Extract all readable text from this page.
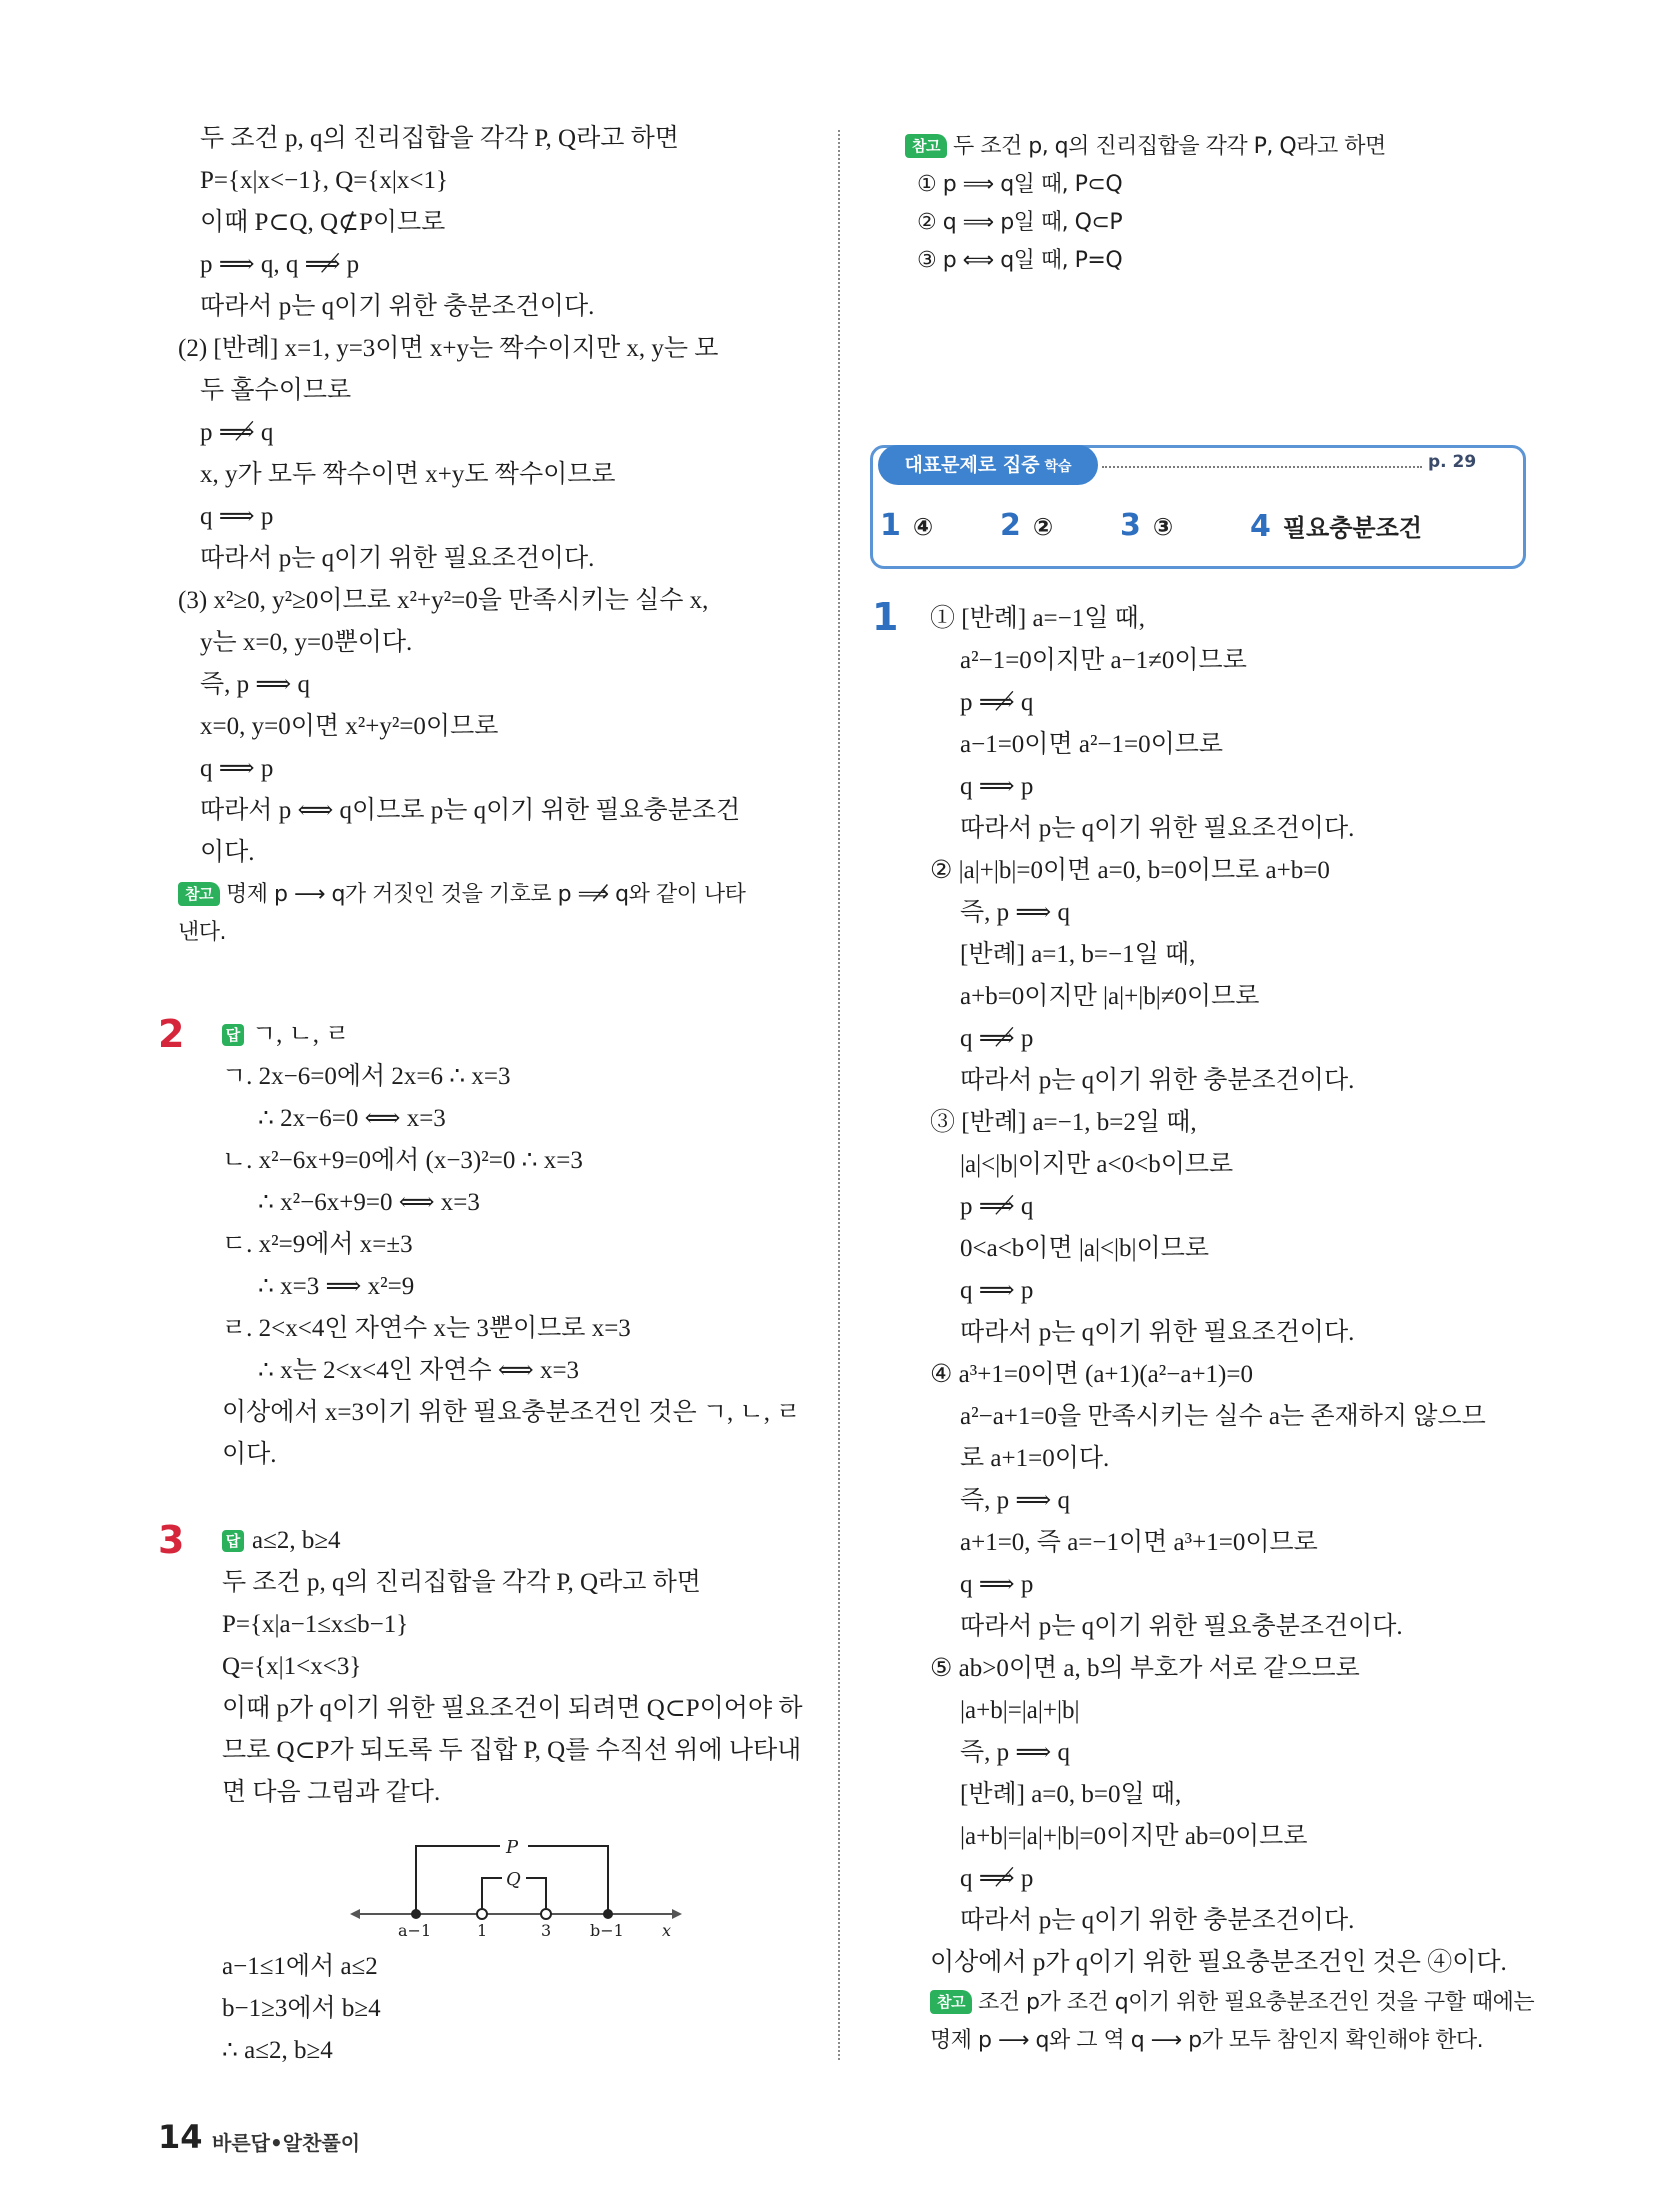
두 조건 p, q의 진리집합을 각각 P, Q라고 하면
P={x|x<−1}, Q={x|x<1}
이때 P⊂Q, Q⊄P이므로
p ⟹ q, q ⟹̸ p
따라서 p는 q이기 위한 충분조건이다.
(2) [반례] x=1, y=3이면 x+y는 짝수이지만 x, y는 모
두 홀수이므로
p ⟹̸ q
x, y가 모두 짝수이면 x+y도 짝수이므로
q ⟹ p
따라서 p는 q이기 위한 필요조건이다.
(3) x²≥0, y²≥0이므로 x²+y²=0을 만족시키는 실수 x,
y는 x=0, y=0뿐이다.
즉, p ⟹ q
x=0, y=0이면 x²+y²=0이므로
q ⟹ p
따라서 p ⟺ q이므로 p는 q이기 위한 필요충분조건
이다.
참고 명제 p ⟶ q가 거짓인 것을 기호로 p ⟹̸ q와 같이 나타
낸다.
2	답 ㄱ, ㄴ, ㄹ
ㄱ. 2x−6=0에서 2x=6 ∴ x=3
∴ 2x−6=0 ⟺ x=3
ㄴ. x²−6x+9=0에서 (x−3)²=0 ∴ x=3
∴ x²−6x+9=0 ⟺ x=3
ㄷ. x²=9에서 x=±3
∴ x=3 ⟹ x²=9
ㄹ. 2<x<4인 자연수 x는 3뿐이므로 x=3
∴ x는 2<x<4인 자연수 ⟺ x=3
이상에서 x=3이기 위한 필요충분조건인 것은 ㄱ, ㄴ, ㄹ
이다.
3	답 a≤2, b≥4
두 조건 p, q의 진리집합을 각각 P, Q라고 하면
P={x|a−1≤x≤b−1}
Q={x|1<x<3}
이때 p가 q이기 위한 필요조건이 되려면 Q⊂P이어야 하
므로 Q⊂P가 되도록 두 집합 P, Q를 수직선 위에 나타내
면 다음 그림과 같다.
P
Q
a−1	1	3 b−1 x
a−1≤1에서 a≤2
b−1≥3에서 b≥4
∴ a≤2, b≥4
참고 두 조건 p, q의 진리집합을 각각 P, Q라고 하면
① p ⟹ q일 때, P⊂Q
② q ⟹ p일 때, Q⊂P
③ p ⟺ q일 때, P=Q
대표문제로 집중 학습	p. 29
1 ④ 2 ② 3 ③	4 필요충분조건
1 ① [반례] a=−1일 때,
a²−1=0이지만 a−1≠0이므로
p ⟹̸ q
a−1=0이면 a²−1=0이므로
q ⟹ p
따라서 p는 q이기 위한 필요조건이다.
② |a|+|b|=0이면 a=0, b=0이므로 a+b=0
즉, p ⟹ q
[반례] a=1, b=−1일 때,
a+b=0이지만 |a|+|b|≠0이므로
q ⟹̸ p
따라서 p는 q이기 위한 충분조건이다.
③ [반례] a=−1, b=2일 때,
|a|<|b|이지만 a<0<b이므로
p ⟹̸ q
0<a<b이면 |a|<|b|이므로
q ⟹ p
따라서 p는 q이기 위한 필요조건이다.
④ a³+1=0이면 (a+1)(a²−a+1)=0
a²−a+1=0을 만족시키는 실수 a는 존재하지 않으므
로 a+1=0이다.
즉, p ⟹ q
a+1=0, 즉 a=−1이면 a³+1=0이므로
q ⟹ p
따라서 p는 q이기 위한 필요충분조건이다.
⑤ ab>0이면 a, b의 부호가 서로 같으므로
|a+b|=|a|+|b|
즉, p ⟹ q
[반례] a=0, b=0일 때,
|a+b|=|a|+|b|=0이지만 ab=0이므로
q ⟹̸ p
따라서 p는 q이기 위한 충분조건이다.
이상에서 p가 q이기 위한 필요충분조건인 것은 ④이다.
참고 조건 p가 조건 q이기 위한 필요충분조건인 것을 구할 때에는
명제 p ⟶ q와 그 역 q ⟶ p가 모두 참인지 확인해야 한다.
14 바른답•알찬풀이
